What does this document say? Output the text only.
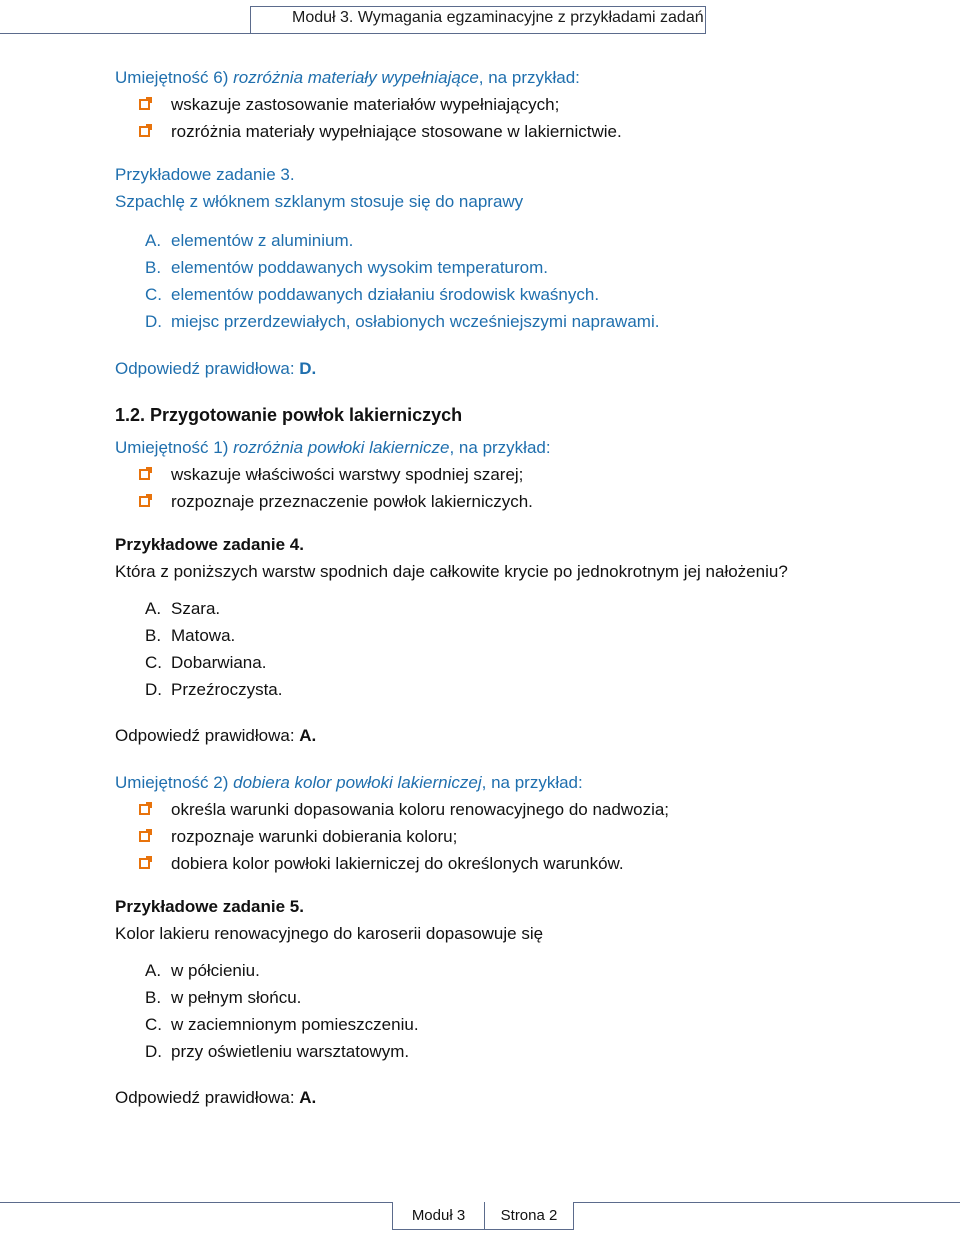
Moduł 3. Wymagania egzaminacyjne z przykładami zadań
Umiejętność 6) rozróżnia materiały wypełniające, na przykład:
wskazuje zastosowanie materiałów wypełniających;
rozróżnia materiały wypełniające stosowane w lakiernictwie.
Przykładowe zadanie 3.
Szpachlę z włóknem szklanym stosuje się do naprawy
A. elementów z aluminium.
B. elementów poddawanych wysokim temperaturom.
C. elementów poddawanych działaniu środowisk kwaśnych.
D. miejsc przerdzewiałych, osłabionych wcześniejszymi naprawami.
Odpowiedź prawidłowa: D.
1.2. Przygotowanie powłok lakierniczych
Umiejętność 1) rozróżnia powłoki lakiernicze, na przykład:
wskazuje właściwości warstwy spodniej szarej;
rozpoznaje przeznaczenie powłok lakierniczych.
Przykładowe zadanie 4.
Która z poniższych warstw spodnich daje całkowite krycie po jednokrotnym jej nałożeniu?
A. Szara.
B. Matowa.
C. Dobarwiana.
D. Przeźroczysta.
Odpowiedź prawidłowa: A.
Umiejętność 2) dobiera kolor powłoki lakierniczej, na przykład:
określa warunki dopasowania koloru renowacyjnego do nadwozia;
rozpoznaje warunki dobierania koloru;
dobiera kolor powłoki lakierniczej do określonych warunków.
Przykładowe zadanie 5.
Kolor lakieru renowacyjnego do karoserii dopasowuje się
A. w półcieniu.
B. w pełnym słońcu.
C. w zaciemnionym pomieszczeniu.
D. przy oświetleniu warsztatowym.
Odpowiedź prawidłowa: A.
Moduł 3	Strona 2
